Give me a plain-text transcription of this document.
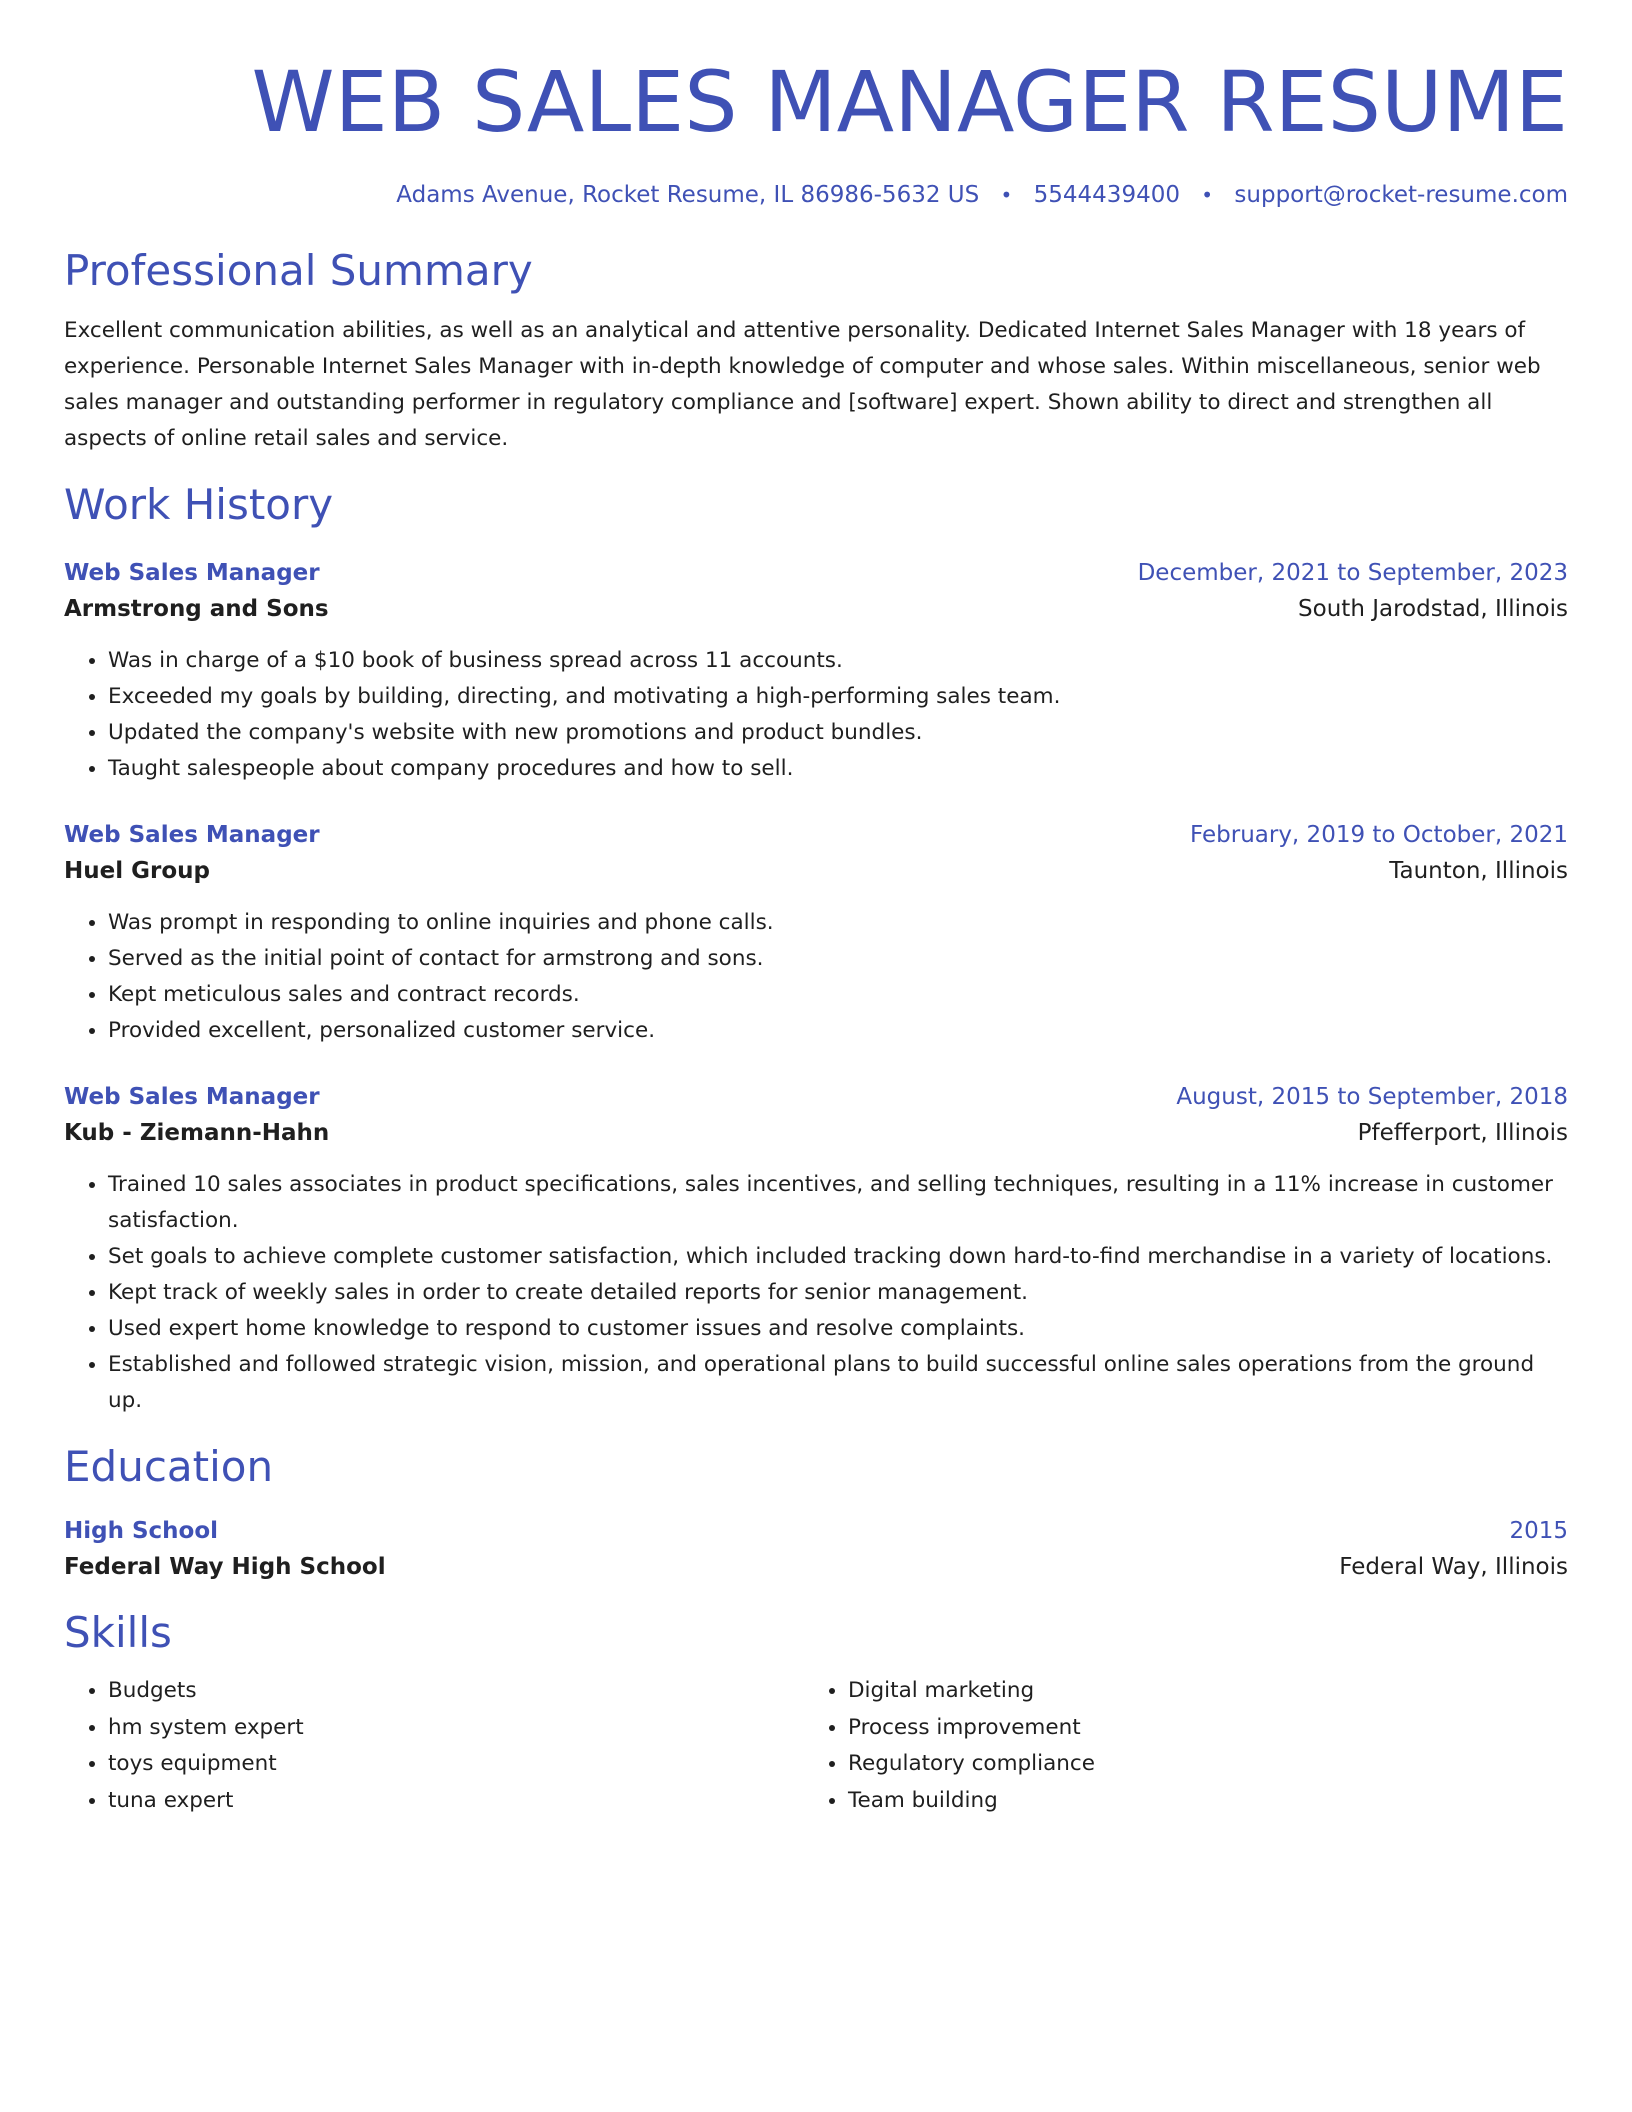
WEB SALES MANAGER RESUME
Adams Avenue, Rocket Resume, IL 86986-5632 US • 5544439400 • support@rocket-resume.com
Professional Summary
Excellent communication abilities, as well as an analytical and attentive personality. Dedicated Internet Sales Manager with 18 years of experience. Personable Internet Sales Manager with in-depth knowledge of computer and whose sales. Within miscellaneous, senior web sales manager and outstanding performer in regulatory compliance and [software] expert. Shown ability to direct and strengthen all aspects of online retail sales and service.
Work History
Web Sales Manager	December, 2021 to September, 2023
Armstrong and Sons	South Jarodstad, Illinois
• Was in charge of a $10 book of business spread across 11 accounts.
• Exceeded my goals by building, directing, and motivating a high-performing sales team.
• Updated the company's website with new promotions and product bundles.
• Taught salespeople about company procedures and how to sell.
Web Sales Manager	February, 2019 to October, 2021
Huel Group	Taunton, Illinois
• Was prompt in responding to online inquiries and phone calls.
• Served as the initial point of contact for armstrong and sons.
• Kept meticulous sales and contract records.
• Provided excellent, personalized customer service.
Web Sales Manager	August, 2015 to September, 2018
Kub - Ziemann-Hahn	Pfefferport, Illinois
• Trained 10 sales associates in product specifications, sales incentives, and selling techniques, resulting in a 11% increase in customer satisfaction.
• Set goals to achieve complete customer satisfaction, which included tracking down hard-to-find merchandise in a variety of locations.
• Kept track of weekly sales in order to create detailed reports for senior management.
• Used expert home knowledge to respond to customer issues and resolve complaints.
• Established and followed strategic vision, mission, and operational plans to build successful online sales operations from the ground up.
Education
High School	2015
Federal Way High School	Federal Way, Illinois
Skills
• Budgets
• hm system expert
• toys equipment
• tuna expert
• Digital marketing
• Process improvement
• Regulatory compliance
• Team building
